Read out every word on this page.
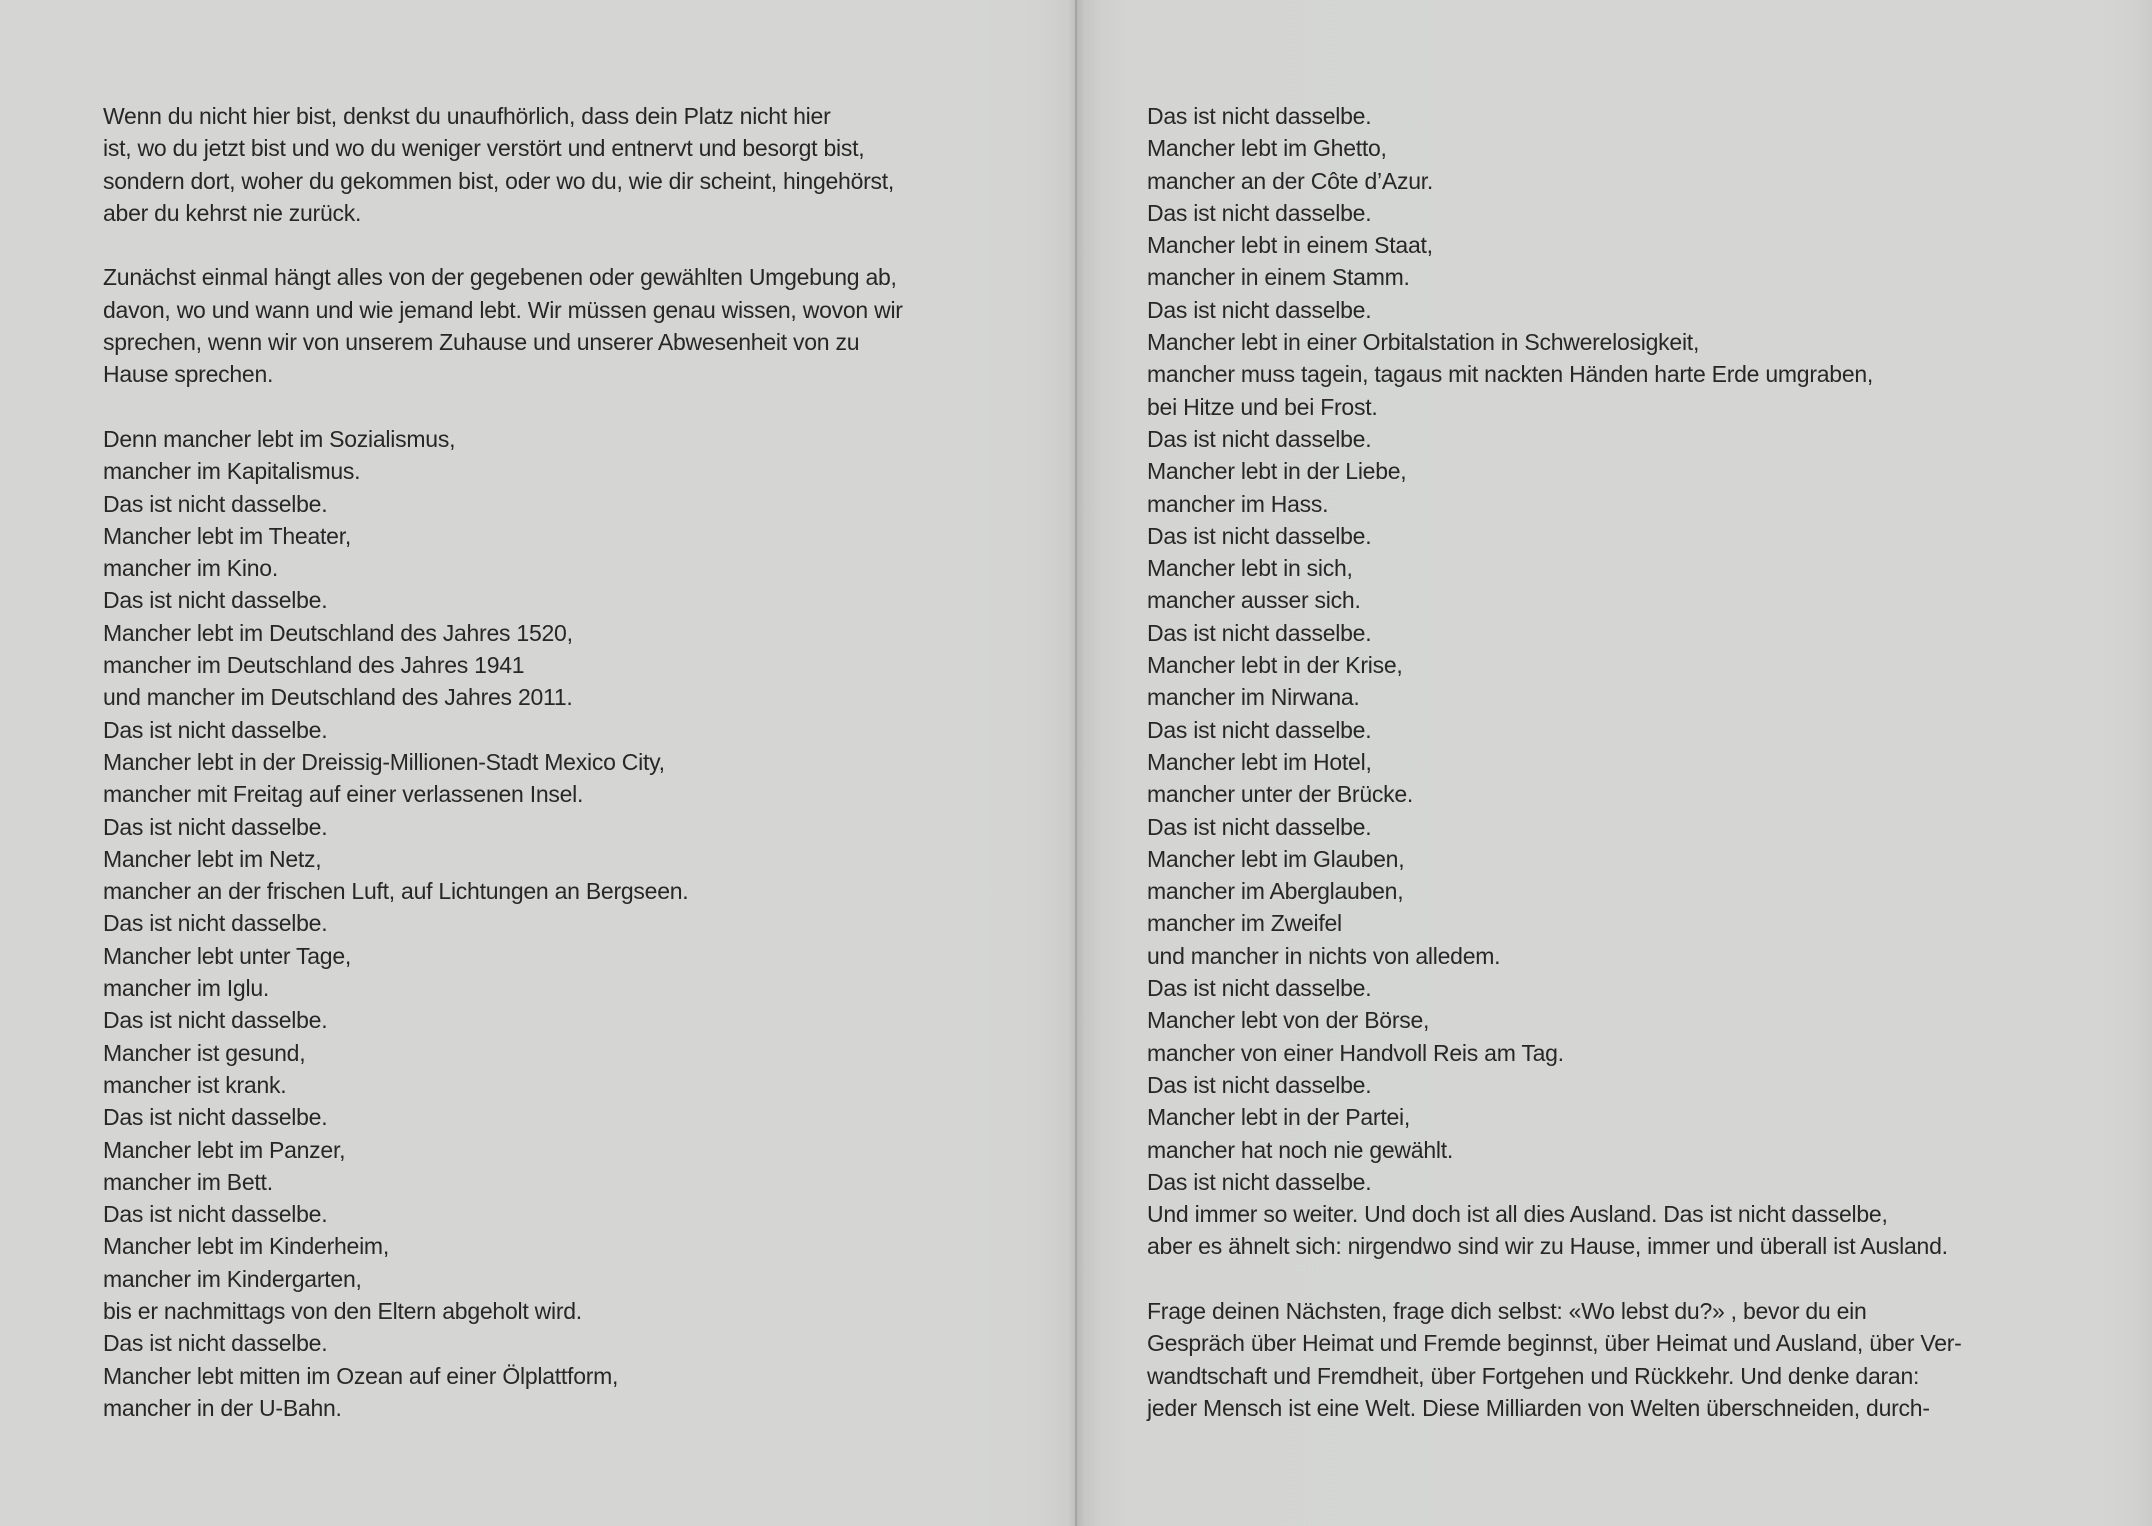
Wenn du nicht hier bist, denkst du unaufhörlich, dass dein Platz nicht hier
ist, wo du jetzt bist und wo du weniger verstört und entnervt und besorgt bist,
sondern dort, woher du gekommen bist, oder wo du, wie dir scheint, hingehörst,
aber du kehrst nie zurück.

Zunächst einmal hängt alles von der gegebenen oder gewählten Umgebung ab,
davon, wo und wann und wie jemand lebt. Wir müssen genau wissen, wovon wir
sprechen, wenn wir von unserem Zuhause und unserer Abwesenheit von zu
Hause sprechen.

Denn mancher lebt im Sozialismus,
mancher im Kapitalismus.
Das ist nicht dasselbe.
Mancher lebt im Theater,
mancher im Kino.
Das ist nicht dasselbe.
Mancher lebt im Deutschland des Jahres 1520,
mancher im Deutschland des Jahres 1941
und mancher im Deutschland des Jahres 2011.
Das ist nicht dasselbe.
Mancher lebt in der Dreissig-Millionen-Stadt Mexico City,
mancher mit Freitag auf einer verlassenen Insel.
Das ist nicht dasselbe.
Mancher lebt im Netz,
mancher an der frischen Luft, auf Lichtungen an Bergseen.
Das ist nicht dasselbe.
Mancher lebt unter Tage,
mancher im Iglu.
Das ist nicht dasselbe.
Mancher ist gesund,
mancher ist krank.
Das ist nicht dasselbe.
Mancher lebt im Panzer,
mancher im Bett.
Das ist nicht dasselbe.
Mancher lebt im Kinderheim,
mancher im Kindergarten,
bis er nachmittags von den Eltern abgeholt wird.
Das ist nicht dasselbe.
Mancher lebt mitten im Ozean auf einer Ölplattform,
mancher in der U-Bahn.
Das ist nicht dasselbe.
Mancher lebt im Ghetto,
mancher an der Côte d’Azur.
Das ist nicht dasselbe.
Mancher lebt in einem Staat,
mancher in einem Stamm.
Das ist nicht dasselbe.
Mancher lebt in einer Orbitalstation in Schwerelosigkeit,
mancher muss tagein, tagaus mit nackten Händen harte Erde umgraben,
bei Hitze und bei Frost.
Das ist nicht dasselbe.
Mancher lebt in der Liebe,
mancher im Hass.
Das ist nicht dasselbe.
Mancher lebt in sich,
mancher ausser sich.
Das ist nicht dasselbe.
Mancher lebt in der Krise,
mancher im Nirwana.
Das ist nicht dasselbe.
Mancher lebt im Hotel,
mancher unter der Brücke.
Das ist nicht dasselbe.
Mancher lebt im Glauben,
mancher im Aberglauben,
mancher im Zweifel
und mancher in nichts von alledem.
Das ist nicht dasselbe.
Mancher lebt von der Börse,
mancher von einer Handvoll Reis am Tag.
Das ist nicht dasselbe.
Mancher lebt in der Partei,
mancher hat noch nie gewählt.
Das ist nicht dasselbe.
Und immer so weiter. Und doch ist all dies Ausland. Das ist nicht dasselbe,
aber es ähnelt sich: nirgendwo sind wir zu Hause, immer und überall ist Ausland.

Frage deinen Nächsten, frage dich selbst: «Wo lebst du?» , bevor du ein
Gespräch über Heimat und Fremde beginnst, über Heimat und Ausland, über Ver-
wandtschaft und Fremdheit, über Fortgehen und Rückkehr. Und denke daran:
jeder Mensch ist eine Welt. Diese Milliarden von Welten überschneiden, durch-
